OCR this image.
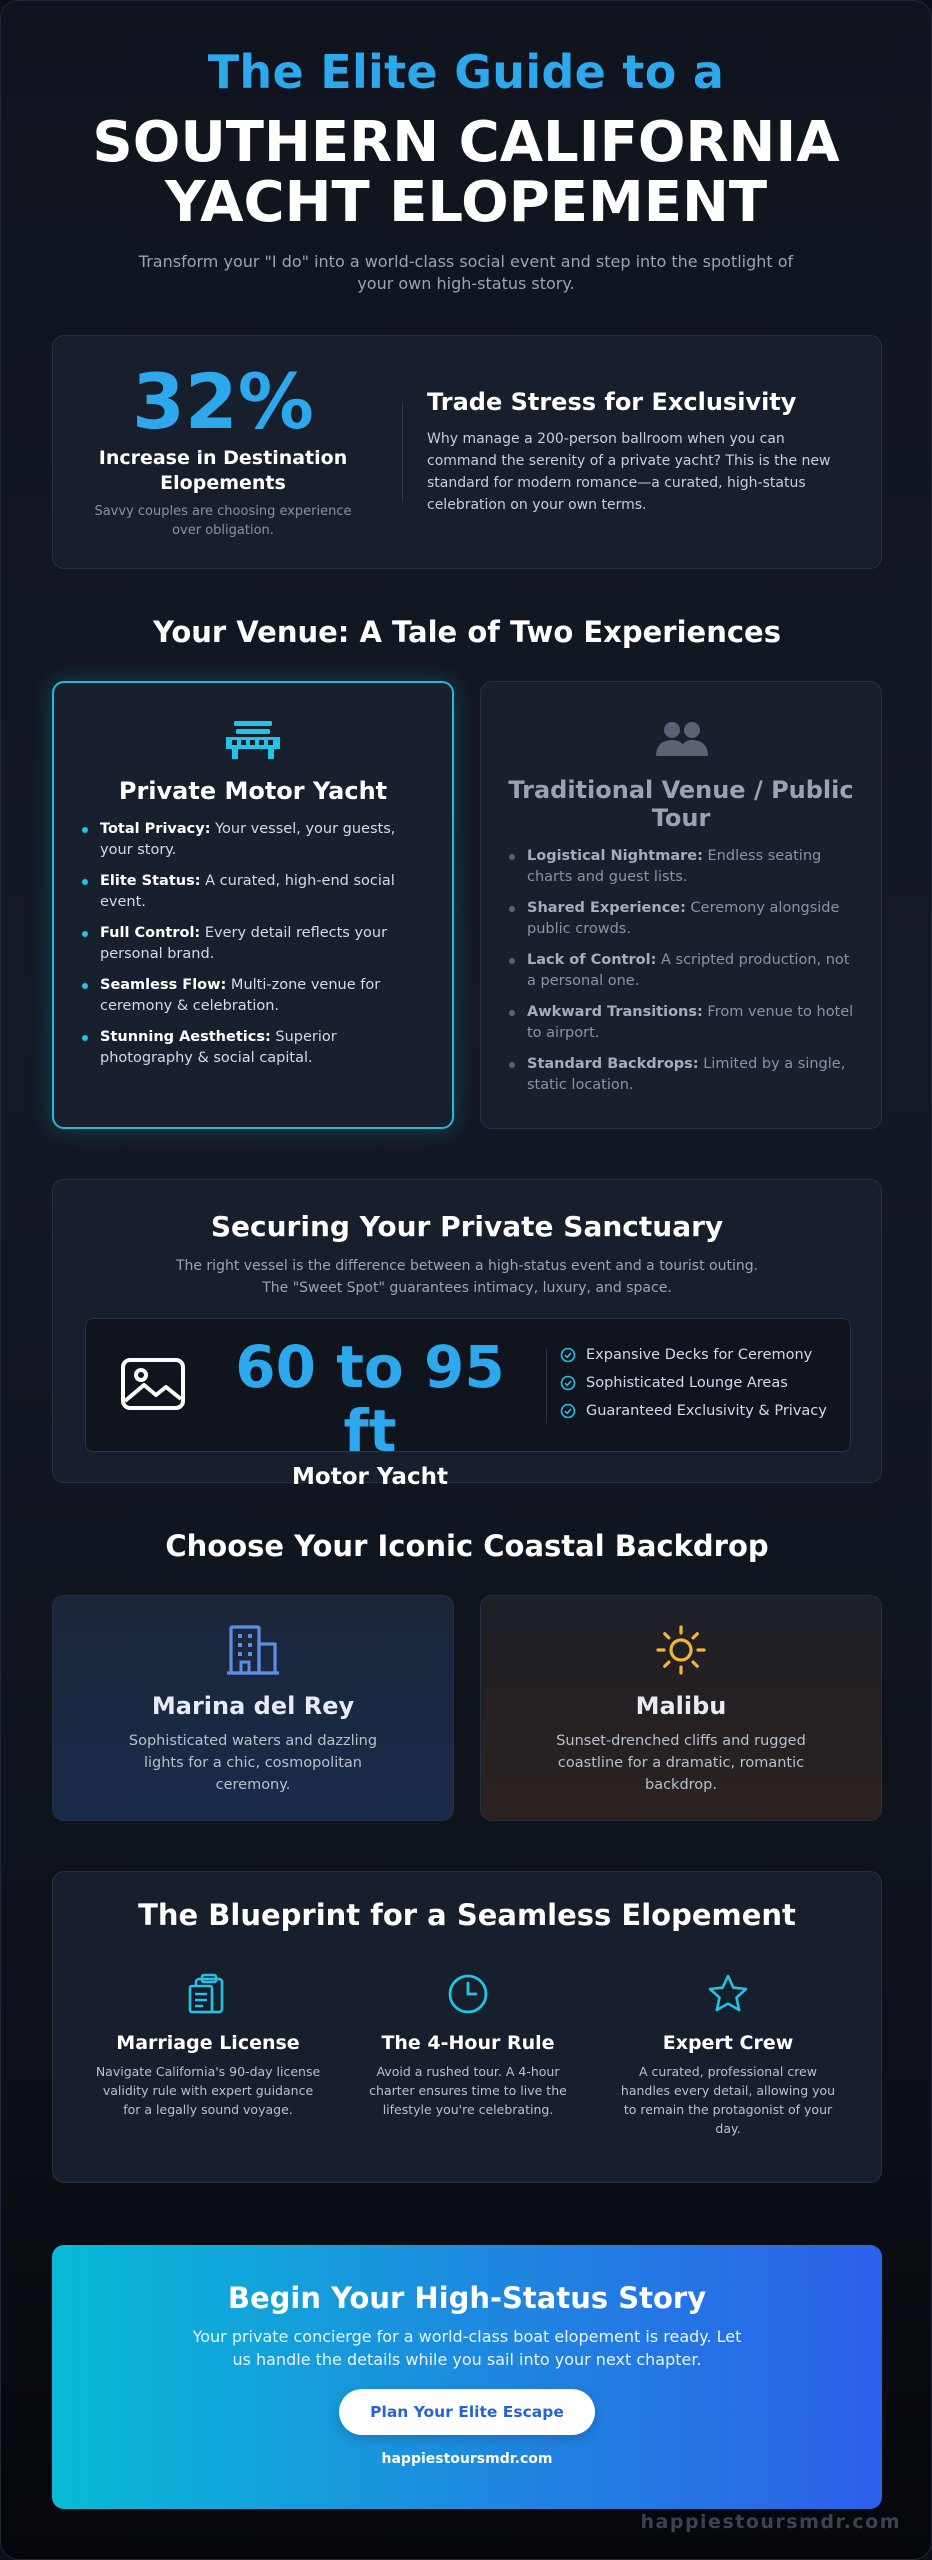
The Elite Guide to a
SOUTHERN CALIFORNIA
YACHT ELOPEMENT

Transform your "I do" into a world-class social event and step into the spotlight of your own high-status story.

32%
Increase in Destination Elopements
Savvy couples are choosing experience over obligation.
Trade Stress for Exclusivity

Why manage a 200-person ballroom when you can command the serenity of a private yacht? This is the new standard for modern romance—a curated, high-status celebration on your own terms.

Your Venue: A Tale of Two Experiences
Private Motor Yacht
Total Privacy: Your vessel, your guests, your story.
Elite Status: A curated, high-end social event.
Full Control: Every detail reflects your personal brand.
Seamless Flow: Multi-zone venue for ceremony & celebration.
Stunning Aesthetics: Superior photography & social capital.
Traditional Venue / Public Tour
Logistical Nightmare: Endless seating charts and guest lists.
Shared Experience: Ceremony alongside public crowds.
Lack of Control: A scripted production, not a personal one.
Awkward Transitions: From venue to hotel to airport.
Standard Backdrops: Limited by a single, static location.
Securing Your Private Sanctuary
The right vessel is the difference between a high-status event and a tourist outing.
The "Sweet Spot" guarantees intimacy, luxury, and space.
60 to 95 ft
Motor Yacht
Expansive Decks for Ceremony
Sophisticated Lounge Areas
Guaranteed Exclusivity & Privacy
Choose Your Iconic Coastal Backdrop
Marina del Rey

Sophisticated waters and dazzling lights for a chic, cosmopolitan ceremony.

Malibu

Sunset-drenched cliffs and rugged coastline for a dramatic, romantic backdrop.

The Blueprint for a Seamless Elopement
Marriage License

Navigate California's 90-day license validity rule with expert guidance for a legally sound voyage.

The 4-Hour Rule

Avoid a rushed tour. A 4-hour charter ensures time to live the lifestyle you're celebrating.

Expert Crew

A curated, professional crew handles every detail, allowing you to remain the protagonist of your day.

Begin Your High-Status Story

Your private concierge for a world-class boat elopement is ready. Let us handle the details while you sail into your next chapter.

Plan Your Elite Escape
happiestoursmdr.com
happiestoursmdr.com
